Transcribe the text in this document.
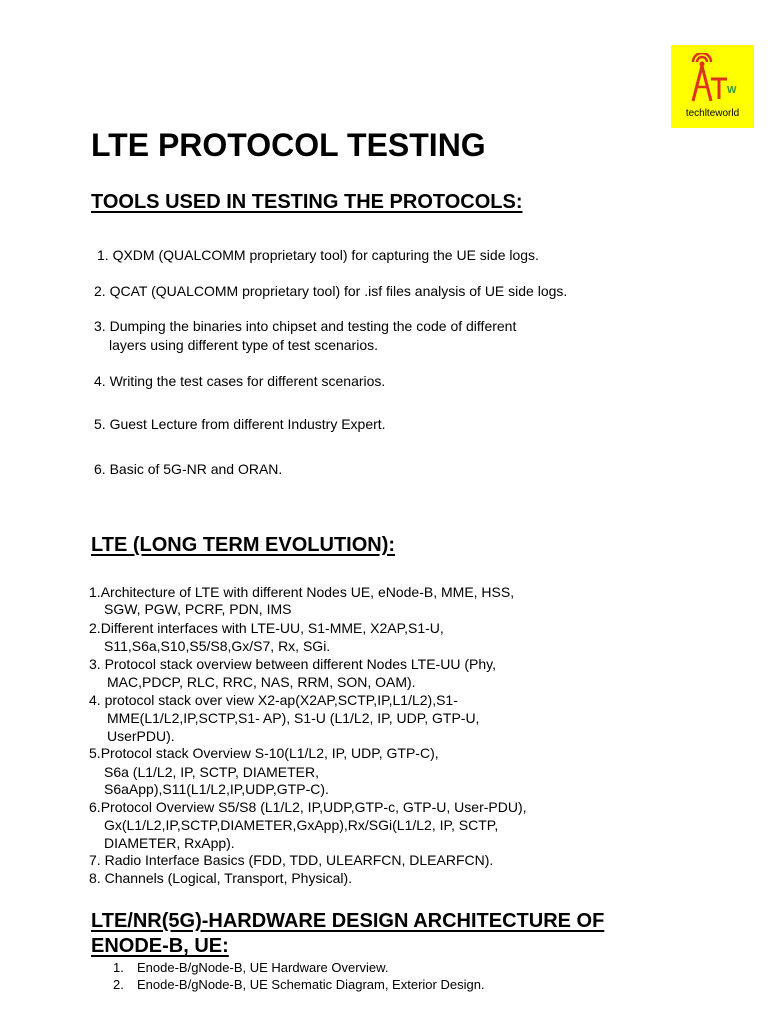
W
techlteworld
LTE PROTOCOL TESTING
TOOLS USED IN TESTING THE PROTOCOLS:
1. QXDM (QUALCOMM proprietary tool) for capturing the UE side logs.
2. QCAT (QUALCOMM proprietary tool) for .isf files analysis of UE side logs.
3. Dumping the binaries into chipset and testing the code of different
layers using different type of test scenarios.
4. Writing the test cases for different scenarios.
5. Guest Lecture from different Industry Expert.
6. Basic of 5G-NR and ORAN.
LTE (LONG TERM EVOLUTION):
1.Architecture of LTE with different Nodes UE, eNode-B, MME, HSS,
SGW, PGW, PCRF, PDN, IMS
2.Different interfaces with LTE-UU, S1-MME, X2AP,S1-U,
S11,S6a,S10,S5/S8,Gx/S7, Rx, SGi.
3. Protocol stack overview between different Nodes LTE-UU (Phy,
MAC,PDCP, RLC, RRC, NAS, RRM, SON, OAM).
4. protocol stack over view X2-ap(X2AP,SCTP,IP,L1/L2),S1-
MME(L1/L2,IP,SCTP,S1- AP), S1-U (L1/L2, IP, UDP, GTP-U,
UserPDU).
5.Protocol stack Overview S-10(L1/L2, IP, UDP, GTP-C),
S6a (L1/L2, IP, SCTP, DIAMETER,
S6aApp),S11(L1/L2,IP,UDP,GTP-C).
6.Protocol Overview S5/S8 (L1/L2, IP,UDP,GTP-c, GTP-U, User-PDU),
Gx(L1/L2,IP,SCTP,DIAMETER,GxApp),Rx/SGi(L1/L2, IP, SCTP,
DIAMETER, RxApp).
7. Radio Interface Basics (FDD, TDD, ULEARFCN, DLEARFCN).
8. Channels (Logical, Transport, Physical).
LTE/NR(5G)-HARDWARE DESIGN ARCHITECTURE OF
ENODE-B, UE:
1. Enode-B/gNode-B, UE Hardware Overview.
2. Enode-B/gNode-B, UE Schematic Diagram, Exterior Design.
